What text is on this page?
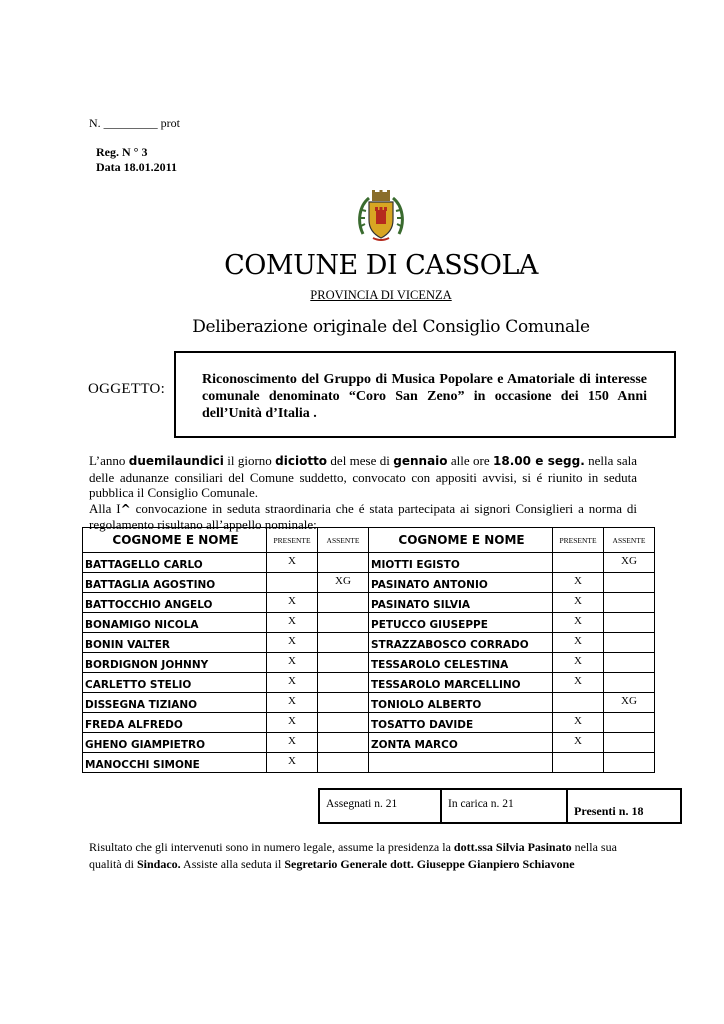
N. _________ prot
Reg. N ° 3
Data 18.01.2011
COMUNE DI CASSOLA
PROVINCIA DI VICENZA
Deliberazione originale del Consiglio Comunale
OGGETTO:
Riconoscimento del Gruppo di Musica Popolare e Amatoriale di interesse comunale denominato “Coro San Zeno” in occasione dei 150 Anni dell’Unità d’Italia .
L’anno duemilaundici il giorno diciotto del mese di gennaio alle ore 18.00 e segg. nella sala delle adunanze consiliari del Comune suddetto, convocato con appositi avvisi, si é riunito in seduta pubblica il Consiglio Comunale.
Alla I^ convocazione in seduta straordinaria che é stata partecipata ai signori Consiglieri a norma di regolamento risultano all’appello nominale:
COGNOME E NOME	PRESENTE	ASSENTE	COGNOME E NOME	PRESENTE	ASSENTE
BATTAGELLO CARLO	X		MIOTTI EGISTO		XG

BATTAGLIA AGOSTINO		XG	PASINATO ANTONIO	X	

BATTOCCHIO ANGELO	X		PASINATO SILVIA	X	

BONAMIGO NICOLA	X		PETUCCO GIUSEPPE	X	

BONIN VALTER	X		STRAZZABOSCO CORRADO	X	

BORDIGNON JOHNNY	X		TESSAROLO CELESTINA	X	

CARLETTO STELIO	X		TESSAROLO MARCELLINO	X	

DISSEGNA TIZIANO	X		TONIOLO ALBERTO		XG

FREDA ALFREDO	X		TOSATTO DAVIDE	X	

GHENO GIAMPIETRO	X		ZONTA MARCO	X	

MANOCCHI SIMONE	X				

Assegnati n. 21	In carica n. 21	Presenti n. 18
Risultato che gli intervenuti sono in numero legale, assume la presidenza la dott.ssa Silvia Pasinato nella sua qualità di Sindaco. Assiste alla seduta il Segretario Generale dott. Giuseppe Gianpiero Schiavone
